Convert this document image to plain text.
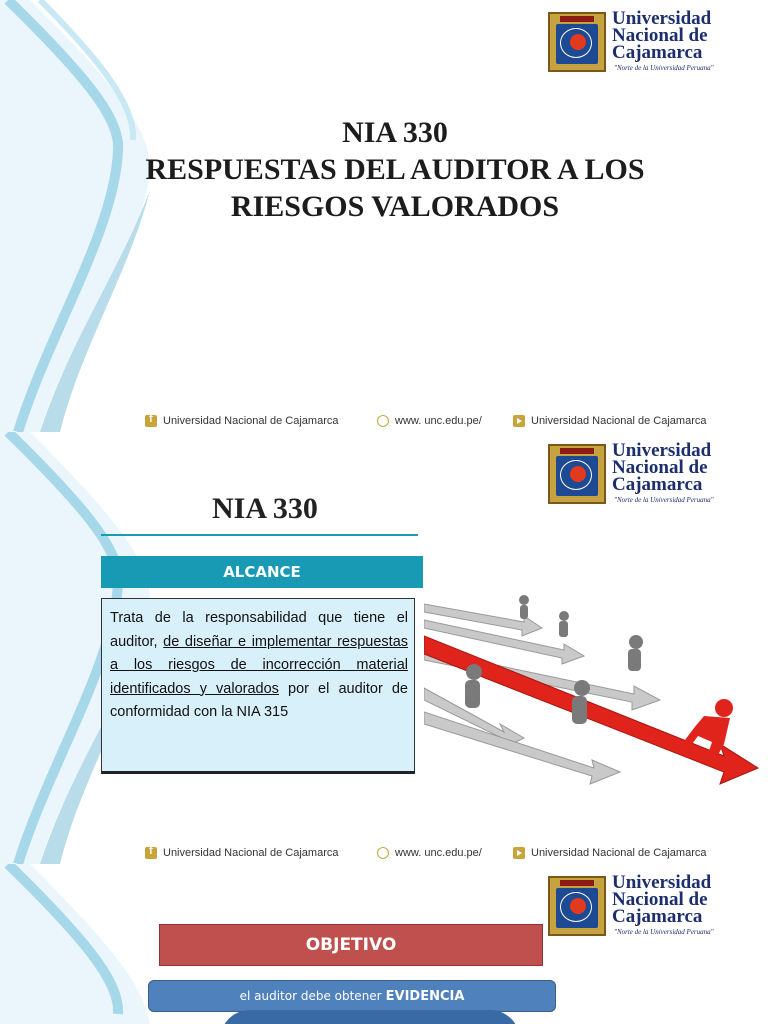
Universidad
Nacional de
Cajamarca
"Norte de la Universidad Peruana"
NIA 330
RESPUESTAS DEL AUDITOR A LOS
RIESGOS VALORADOS
f
Universidad Nacional de Cajamarca	www. unc.edu.pe/	Universidad Nacional de Cajamarca
Universidad
Nacional de
Cajamarca
"Norte de la Universidad Peruana"
NIA 330
ALCANCE
Trata de la responsabilidad que tiene el auditor, de diseñar e implementar respuestas a los riesgos de incorrección material identificados y valorados por el auditor de conformidad con la NIA 315
f
Universidad Nacional de Cajamarca	www. unc.edu.pe/	Universidad Nacional de Cajamarca
Universidad
Nacional de
Cajamarca
"Norte de la Universidad Peruana"
OBJETIVO
el auditor debe obtener EVIDENCIA
